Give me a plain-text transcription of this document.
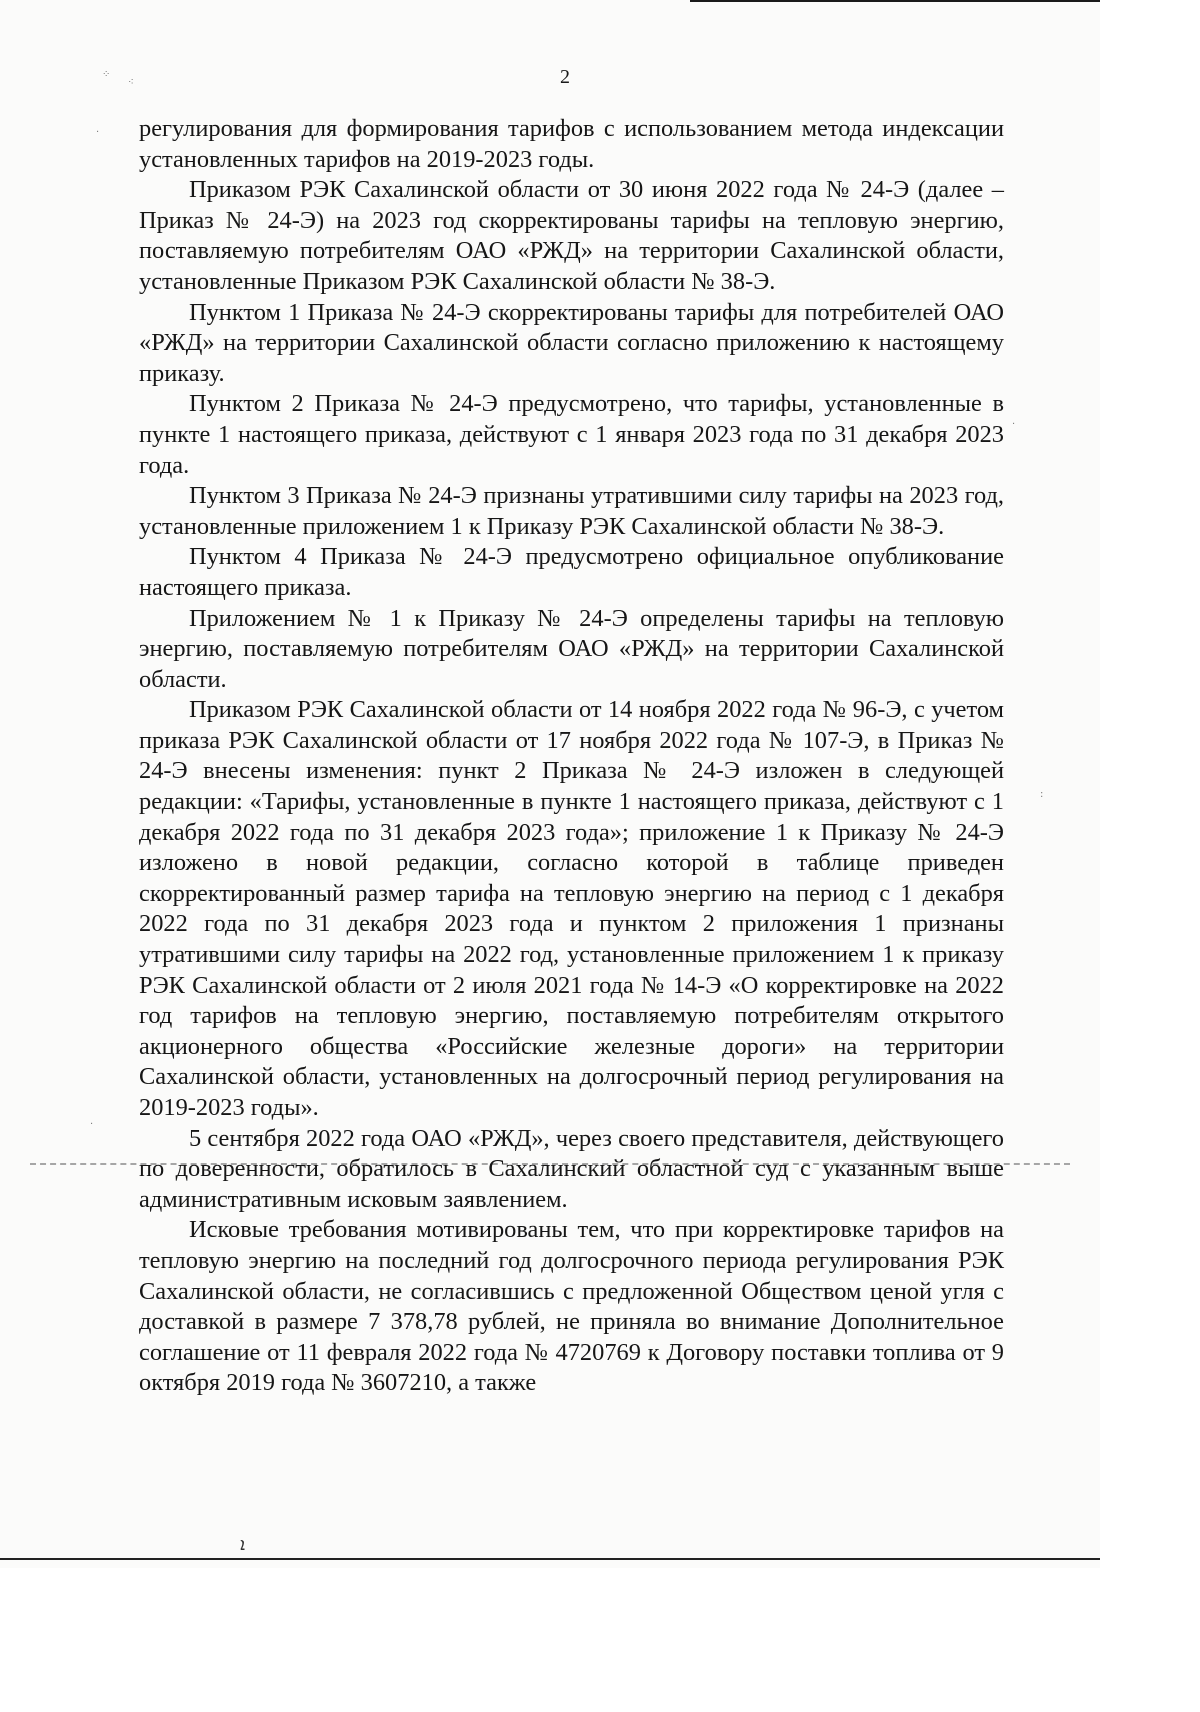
⁘
⁖
·
·
:
·
2

регулирования для формирования тарифов с использованием метода индексации установленных тарифов на 2019-2023 годы.

Приказом РЭК Сахалинской области от 30 июня 2022 года № 24-Э (далее – Приказ № 24-Э) на 2023 год скорректированы тарифы на тепловую энергию, поставляемую потребителям ОАО «РЖД» на территории Сахалинской области, установленные Приказом РЭК Сахалинской области № 38-Э.

Пунктом 1 Приказа № 24-Э скорректированы тарифы для потребителей ОАО «РЖД» на территории Сахалинской области согласно приложению к настоящему приказу.

Пунктом 2 Приказа № 24-Э предусмотрено, что тарифы, установленные в пункте 1 настоящего приказа, действуют с 1 января 2023 года по 31 декабря 2023 года.

Пунктом 3 Приказа № 24-Э признаны утратившими силу тарифы на 2023 год, установленные приложением 1 к Приказу РЭК Сахалинской области № 38-Э.

Пунктом 4 Приказа № 24-Э предусмотрено официальное опубликование настоящего приказа.

Приложением № 1 к Приказу № 24-Э определены тарифы на тепловую энергию, поставляемую потребителям ОАО «РЖД» на территории Сахалинской области.

Приказом РЭК Сахалинской области от 14 ноября 2022 года № 96-Э, с учетом приказа РЭК Сахалинской области от 17 ноября 2022 года № 107-Э, в Приказ № 24-Э внесены изменения: пункт 2 Приказа № 24-Э изложен в следующей редакции: «Тарифы, установленные в пункте 1 настоящего приказа, действуют с 1 декабря 2022 года по 31 декабря 2023 года»; приложение 1 к Приказу № 24-Э изложено в новой редакции, согласно которой в таблице приведен скорректированный размер тарифа на тепловую энергию на период с 1 декабря 2022 года по 31 декабря 2023 года и пунктом 2 приложения 1 признаны утратившими силу тарифы на 2022 год, установленные приложением 1 к приказу РЭК Сахалинской области от 2 июля 2021 года № 14-Э «О корректировке на 2022 год тарифов на тепловую энергию, поставляемую потребителям открытого акционерного общества «Российские железные дороги» на территории Сахалинской области, установленных на долгосрочный период регулирования на 2019-2023 годы».

5 сентября 2022 года ОАО «РЖД», через своего представителя, действующего по доверенности, обратилось в Сахалинский областной суд с указанным выше административным исковым заявлением.

Исковые требования мотивированы тем, что при корректировке тарифов на тепловую энергию на последний год долгосрочного периода регулирования РЭК Сахалинской области, не согласившись с предложенной Обществом ценой угля с доставкой в размере 7 378,78 рублей, не приняла во внимание Дополнительное соглашение от 11 февраля 2022 года № 4720769 к Договору поставки топлива от 9 октября 2019 года № 3607210, а также

ܐ
